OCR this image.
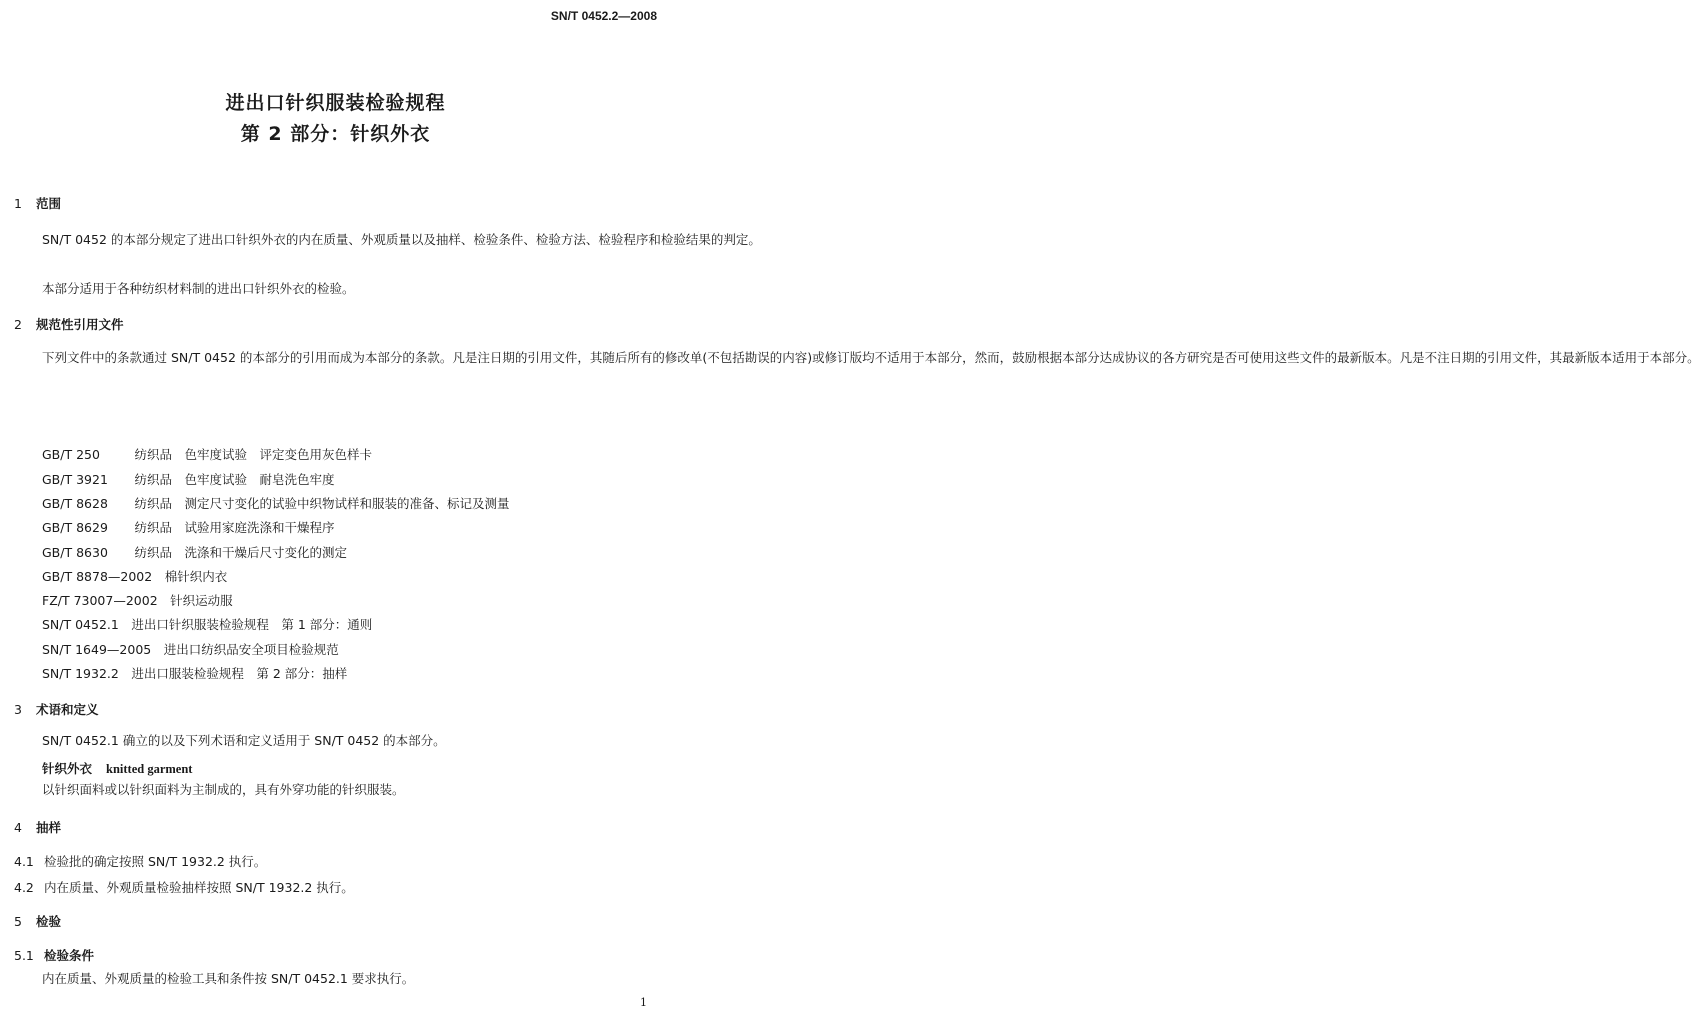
SN/T 0452.2—2008
进出口针织服装检验规程
第 2 部分：针织外衣
1 范围
SN/T 0452 的本部分规定了进出口针织外衣的内在质量、外观质量以及抽样、检验条件、检验方法、检验程序和检验结果的判定。
本部分适用于各种纺织材料制的进出口针织外衣的检验。
2 规范性引用文件
下列文件中的条款通过 SN/T 0452 的本部分的引用而成为本部分的条款。凡是注日期的引用文件，其随后所有的修改单(不包括勘误的内容)或修订版均不适用于本部分，然而，鼓励根据本部分达成协议的各方研究是否可使用这些文件的最新版本。凡是不注日期的引用文件，其最新版本适用于本部分。
GB/T 250　	纺织品　色牢度试验　评定变色用灰色样卡
GB/T 3921　 纺织品　色牢度试验　耐皂洗色牢度
GB/T 8628　 纺织品　测定尺寸变化的试验中织物试样和服装的准备、标记及测量
GB/T 8629　 纺织品　试验用家庭洗涤和干燥程序
GB/T 8630　 纺织品　洗涤和干燥后尺寸变化的测定
GB/T 8878—2002　 棉针织内衣
FZ/T 73007—2002　 针织运动服
SN/T 0452.1　 进出口针织服装检验规程　第 1 部分：通则
SN/T 1649—2005　 进出口纺织品安全项目检验规范
SN/T 1932.2　 进出口服装检验规程　第 2 部分：抽样
3 术语和定义
SN/T 0452.1 确立的以及下列术语和定义适用于 SN/T 0452 的本部分。
针织外衣 knitted garment
以针织面料或以针织面料为主制成的，具有外穿功能的针织服装。
4 抽样
4.1 检验批的确定按照 SN/T 1932.2 执行。
4.2 内在质量、外观质量检验抽样按照 SN/T 1932.2 执行。
5 检验
5.1 检验条件
内在质量、外观质量的检验工具和条件按 SN/T 0452.1 要求执行。
1
